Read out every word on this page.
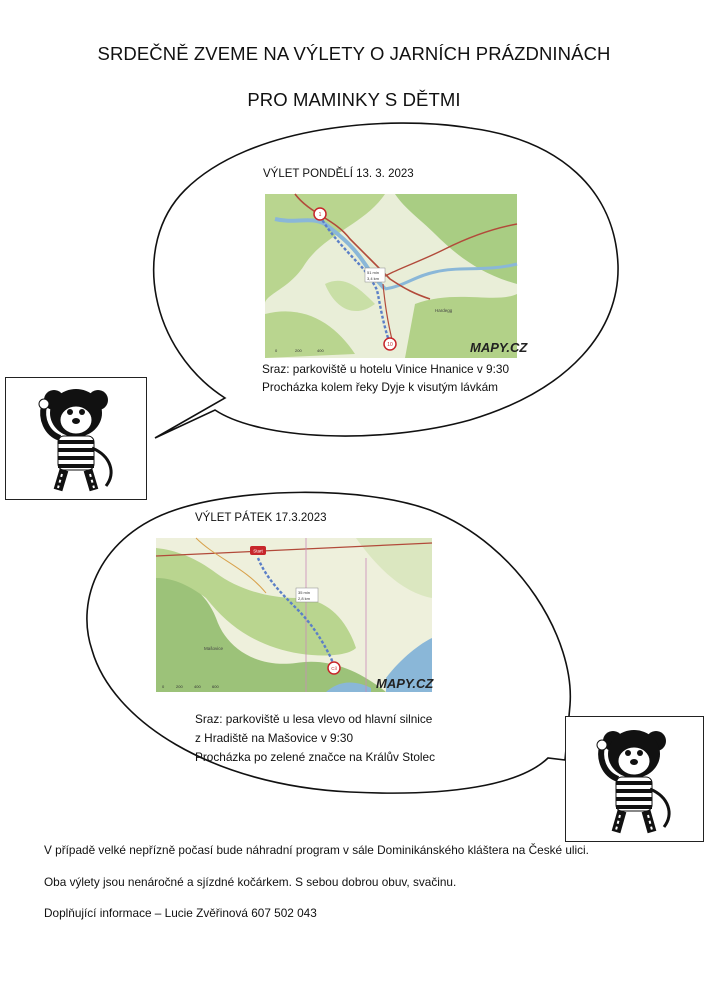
SRDEČNĚ ZVEME NA VÝLETY O JARNÍCH PRÁZDNINÁCH
PRO MAMINKY S DĚTMI
VÝLET PONDĚLÍ 13. 3. 2023
51 min
3,4 km
1
10
Hardegg
0	200	400	MAPY.CZ
Sraz: parkoviště u hotelu Vinice Hnanice v 9:30
Procházka kolem řeky Dyje k visutým lávkám
VÝLET PÁTEK 17.3.2023
35 min
2,8 km
Start
Cíl
Mašovice
0	200	400	600	MAPY.CZ
Sraz: parkoviště u lesa vlevo od hlavní silnice
z Hradiště na Mašovice v 9:30
Procházka po zelené značce na Králův Stolec
V případě velké nepřízně počasí bude náhradní program v sále Dominikánského kláštera na České ulici.
Oba výlety jsou nenáročné a sjízdné kočárkem. S sebou dobrou obuv, svačinu.
Doplňující informace – Lucie Zvěřinová 607 502 043
